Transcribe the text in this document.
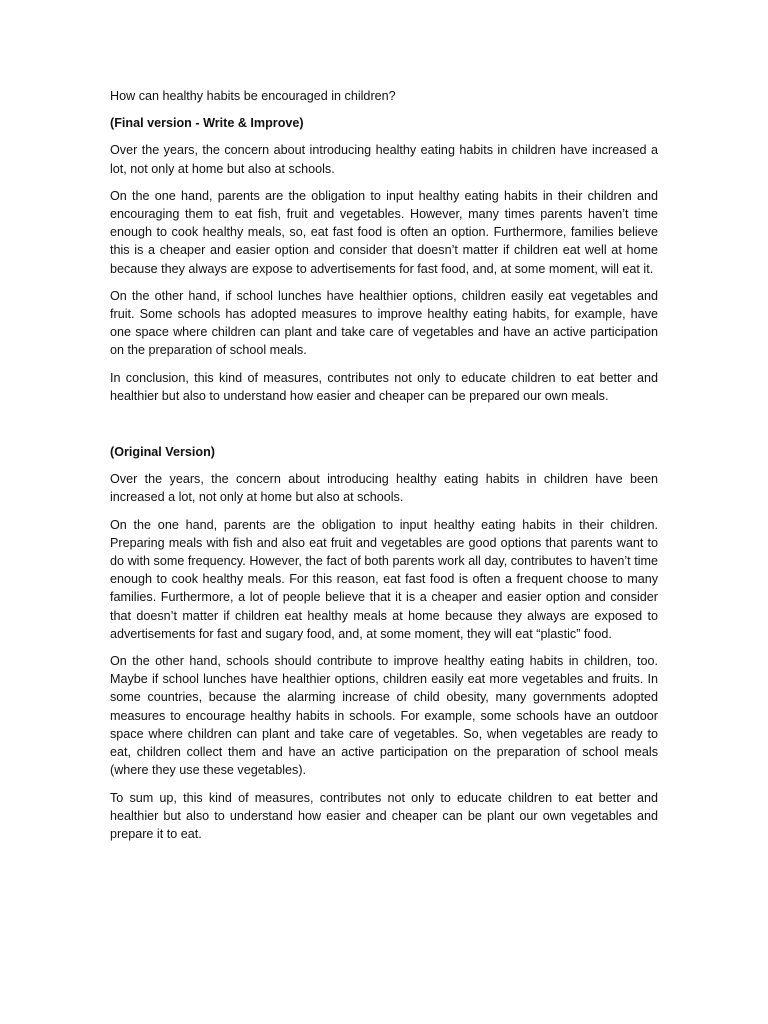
How can healthy habits be encouraged in children?

(Final version - Write & Improve)

Over the years, the concern about introducing healthy eating habits in children have increased a lot, not only at home but also at schools.

On the one hand, parents are the obligation to input healthy eating habits in their children and encouraging them to eat fish, fruit and vegetables. However, many times parents haven’t time enough to cook healthy meals, so, eat fast food is often an option. Furthermore, families believe this is a cheaper and easier option and consider that doesn’t matter if children eat well at home because they always are expose to advertisements for fast food, and, at some moment, will eat it.

On the other hand, if school lunches have healthier options, children easily eat vegetables and fruit. Some schools has adopted measures to improve healthy eating habits, for example, have one space where children can plant and take care of vegetables and have an active participation on the preparation of school meals.

In conclusion, this kind of measures, contributes not only to educate children to eat better and healthier but also to understand how easier and cheaper can be prepared our own meals.

(Original Version)

Over the years, the concern about introducing healthy eating habits in children have been increased a lot, not only at home but also at schools.

On the one hand, parents are the obligation to input healthy eating habits in their children. Preparing meals with fish and also eat fruit and vegetables are good options that parents want to do with some frequency. However, the fact of both parents work all day, contributes to haven’t time enough to cook healthy meals. For this reason, eat fast food is often a frequent choose to many families. Furthermore, a lot of people believe that it is a cheaper and easier option and consider that doesn’t matter if children eat healthy meals at home because they always are exposed to advertisements for fast and sugary food, and, at some moment, they will eat “plastic” food.

On the other hand, schools should contribute to improve healthy eating habits in children, too. Maybe if school lunches have healthier options, children easily eat more vegetables and fruits. In some countries, because the alarming increase of child obesity, many governments adopted measures to encourage healthy habits in schools. For example, some schools have an outdoor space where children can plant and take care of vegetables. So, when vegetables are ready to eat, children collect them and have an active participation on the preparation of school meals (where they use these vegetables).

To sum up, this kind of measures, contributes not only to educate children to eat better and healthier but also to understand how easier and cheaper can be plant our own vegetables and prepare it to eat.
